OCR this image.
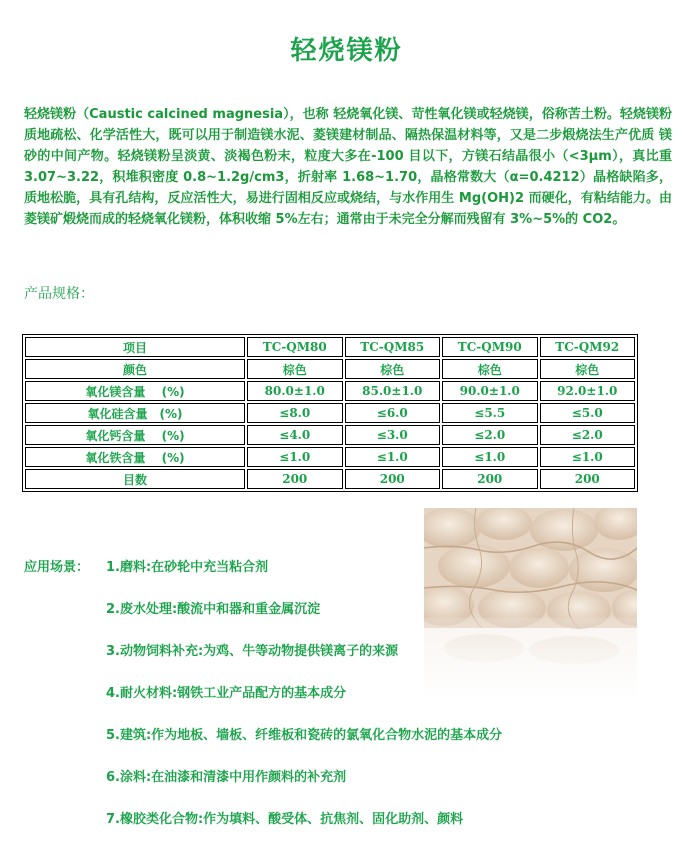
轻烧镁粉
轻烧镁粉（Caustic calcined magnesia），也称 轻烧氧化镁、苛性氧化镁或轻烧镁，俗称苦土粉。轻烧镁粉质地疏松、化学活性大，既可以用于制造镁水泥、菱镁建材制品、隔热保温材料等，又是二步煅烧法生产优质 镁砂的中间产物。轻烧镁粉呈淡黄、淡褐色粉末，粒度大多在-100 目以下，方镁石结晶很小（<3μm），真比重 3.07~3.22，积堆积密度 0.8~1.2g/cm3，折射率 1.68~1.70，晶格常数大（α=0.4212）晶格缺陷多，质地松脆，具有孔结构，反应活性大，易进行固相反应或烧结，与水作用生 Mg(OH)2 而硬化，有粘结能力。由菱镁矿煅烧而成的轻烧氧化镁粉，体积收缩 5%左右；通常由于未完全分解而残留有 3%~5%的 CO2。
产品规格：
项目	TC-QM80	TC-QM85	TC-QM90	TC-QM92
颜色	棕色	棕色	棕色	棕色
氧化镁含量　 (%)	80.0±1.0	85.0±1.0	90.0±1.0	92.0±1.0
氧化硅含量　(%)	≤8.0	≤6.0	≤5.5	≤5.0
氧化钙含量　 (%)	≤4.0	≤3.0	≤2.0	≤2.0
氧化铁含量　 (%)	≤1.0	≤1.0	≤1.0	≤1.0
目数	200	200	200	200
应用场景： 1.磨料:在砂轮中充当粘合剂
2.废水处理:酸流中和器和重金属沉淀
3.动物饲料补充:为鸡、牛等动物提供镁离子的来源
4.耐火材料:钢铁工业产品配方的基本成分
5.建筑:作为地板、墙板、纤维板和瓷砖的氯氧化合物水泥的基本成分
6.涂料:在油漆和清漆中用作颜料的补充剂
7.橡胶类化合物:作为填料、酸受体、抗焦剂、固化助剂、颜料
